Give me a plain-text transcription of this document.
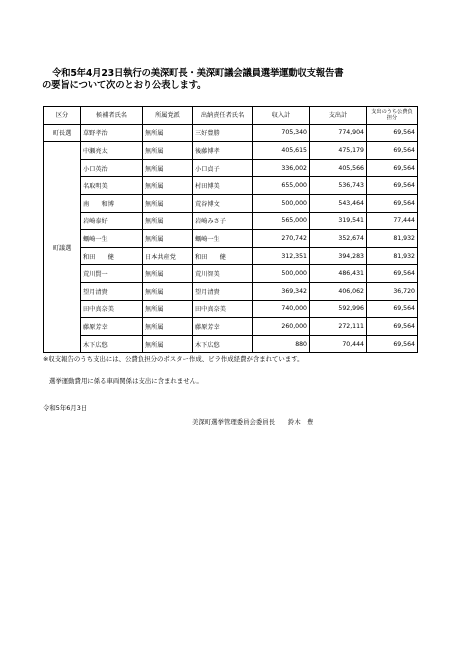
令和5年4月23日執行の美深町長・美深町議会議員選挙運動収支報告書
の要旨について次のとおり公表します。
区分	候補者氏名	所属党派	出納責任者氏名	収入計	支出計	支出のうち公費負担分
町長選	草野孝治	無所属	三好豊勝	705,340	774,904	69,564
町議選	中瀬亮太	無所属	後藤博孝	405,615	475,179	69,564
	小口英治	無所属	小口貞子	336,002	405,566	69,564
	名取明美	無所属	村田博美	655,000	536,743	69,564
	南　　和博	無所属	荒谷博文	500,000	543,464	69,564
	岩崎泰好	無所属	岩崎みさ子	565,000	319,541	77,444
	蠣崎一生	無所属	蠣崎一生	270,742	352,674	81,932
	和田　　健	日本共産党	和田　　健	312,351	394,283	81,932
	荒川賢一	無所属	荒川智美	500,000	486,431	69,564
	望月清貴	無所属	望月清貴	369,342	406,062	36,720
	田中真奈美	無所属	田中真奈美	740,000	592,996	69,564
	藤原芳幸	無所属	藤原芳幸	260,000	272,111	69,564
	木下広悠	無所属	木下広悠	880	70,444	69,564
※収支報告のうち支出には、公費負担分のポスター作成、ビラ作成経費が含まれています。
選挙運動費用に係る車両関係は支出に含まれません。
令和5年6月3日
美深町選挙管理委員会委員長　　鈴木　豊
